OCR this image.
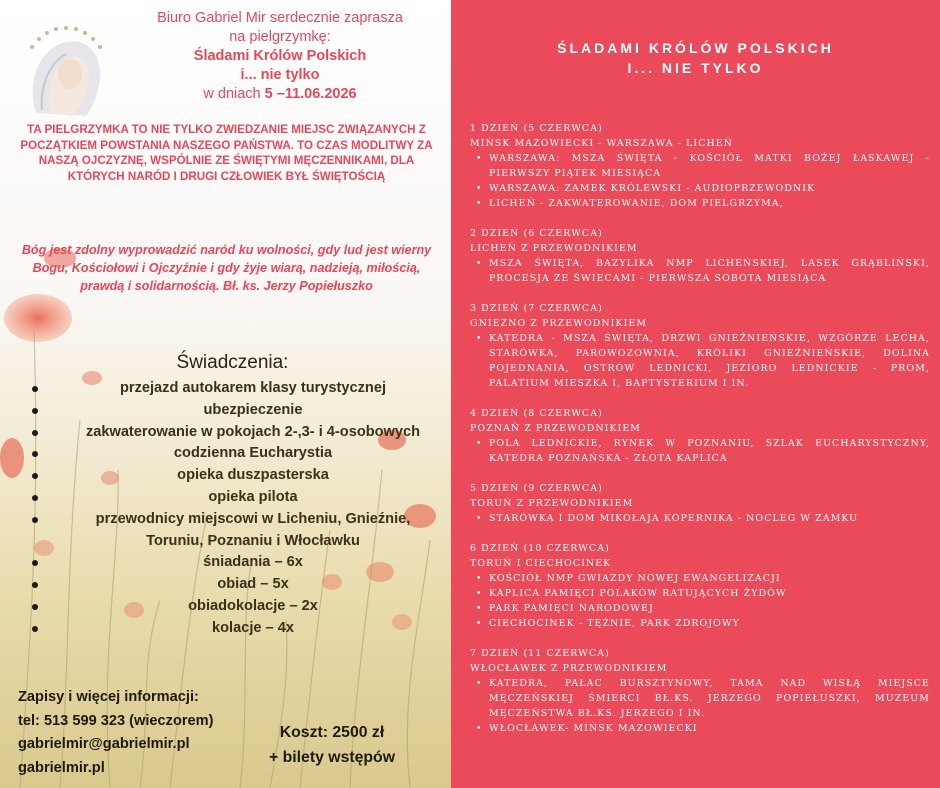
Biuro Gabriel Mir serdecznie zaprasza
na pielgrzymkę:
Śladami Królów Polskich
i... nie tylko
w dniach 5 –11.06.2026
TA PIELGRZYMKA TO NIE TYLKO ZWIEDZANIE MIEJSC ZWIĄZANYCH Z POCZĄTKIEM POWSTANIA NASZEGO PAŃSTWA. TO CZAS MODLITWY ZA NASZĄ OJCZYZNĘ, WSPÓLNIE ZE ŚWIĘTYMI MĘCZENNIKAMI, DLA KTÓRYCH NARÓD I DRUGI CZŁOWIEK BYŁ ŚWIĘTOŚCIĄ
Bóg jest zdolny wyprowadzić naród ku wolności, gdy lud jest wierny Bogu, Kościołowi i Ojczyźnie i gdy żyje wiarą, nadzieją, miłością, prawdą i solidarnością. Bł. ks. Jerzy Popiełuszko
Świadczenia:
przejazd autokarem klasy turystycznej
ubezpieczenie
zakwaterowanie w pokojach 2-,3- i 4-osobowych
codzienna Eucharystia
opieka duszpasterska
opieka pilota
przewodnicy miejscowi w Licheniu, Gnieźnie, Toruniu, Poznaniu i Włocławku
śniadania – 6x
obiad – 5x
obiadokolacje – 2x
kolacje – 4x
Zapisy i więcej informacji:
tel: 513 599 323 (wieczorem)
gabrielmir@gabrielmir.pl
gabrielmir.pl
Koszt: 2500 zł
+ bilety wstępów
ŚLADAMI KRÓLÓW POLSKICH
I... NIE TYLKO
1 DZIEŃ (5 CZERWCA)
MIŃSK MAZOWIECKI - WARSZAWA - LICHEŃ
• WARSZAWA: MSZA ŚWIĘTA - KOŚCIÓŁ MATKI BOŻEJ ŁASKAWEJ - PIERWSZY PIĄTEK MIESIĄCA
• WARSZAWA: ZAMEK KRÓLEWSKI - AUDIOPRZEWODNIK
• LICHEŃ - ZAKWATEROWANIE, DOM PIELGRZYMA,
2 DZIEŃ (6 CZERWCA)
LICHEŃ Z PRZEWODNIKIEM
• MSZA ŚWIĘTA, BAZYLIKA NMP LICHEŃSKIEJ, LASEK GRĄBLIŃSKI, PROCESJA ZE ŚWIECAMI - PIERWSZA SOBOTA MIESIĄCA
3 DZIEŃ (7 CZERWCA)
GNIEZNO Z PRZEWODNIKIEM
• KATEDRA - MSZA ŚWIĘTA, DRZWI GNIEŹNIEŃSKIE, WZGÓRZE LECHA, STARÓWKA, PAROWOZOWNIA, KRÓLIKI GNIEŹNIEŃSKIE, DOLINA POJEDNANIA, OSTRÓW LEDNICKI, JEZIORO LEDNICKIE - PROM, PALATIUM MIESZKA I, BAPTYSTERIUM I IN.
4 DZIEŃ (8 CZERWCA)
POZNAŃ Z PRZEWODNIKIEM
• POLA LEDNICKIE, RYNEK W POZNANIU, SZLAK EUCHARYSTYCZNY, KATEDRA POZNAŃSKA - ZŁOTA KAPLICA
5 DZIEŃ (9 CZERWCA)
TORUŃ Z PRZEWODNIKIEM
• STARÓWKA I DOM MIKOŁAJA KOPERNIKA - NOCLEG W ZAMKU
6 DZIEŃ (10 CZERWCA)
TORUŃ I CIECHOCINEK
• KOŚCIÓŁ NMP GWIAZDY NOWEJ EWANGELIZACJI
• KAPLICA PAMIĘCI POLAKÓW RATUJĄCYCH ŻYDÓW
• PARK PAMIĘCI NARODOWEJ
• CIECHOCINEK - TĘŻNIE, PARK ZDROJOWY
7 DZIEŃ (11 CZERWCA)
WŁOCŁAWEK Z PRZEWODNIKIEM
• KATEDRA, PAŁAC BURSZTYNOWY, TAMA NAD WISŁĄ MIEJSCE MĘCZEŃSKIEJ ŚMIERCI BŁ.KS. JERZEGO POPIEŁUSZKI, MUZEUM MĘCZEŃSTWA BŁ.KS. JERZEGO I IN.
• WŁOCŁAWEK- MIŃSK MAZOWIECKI
